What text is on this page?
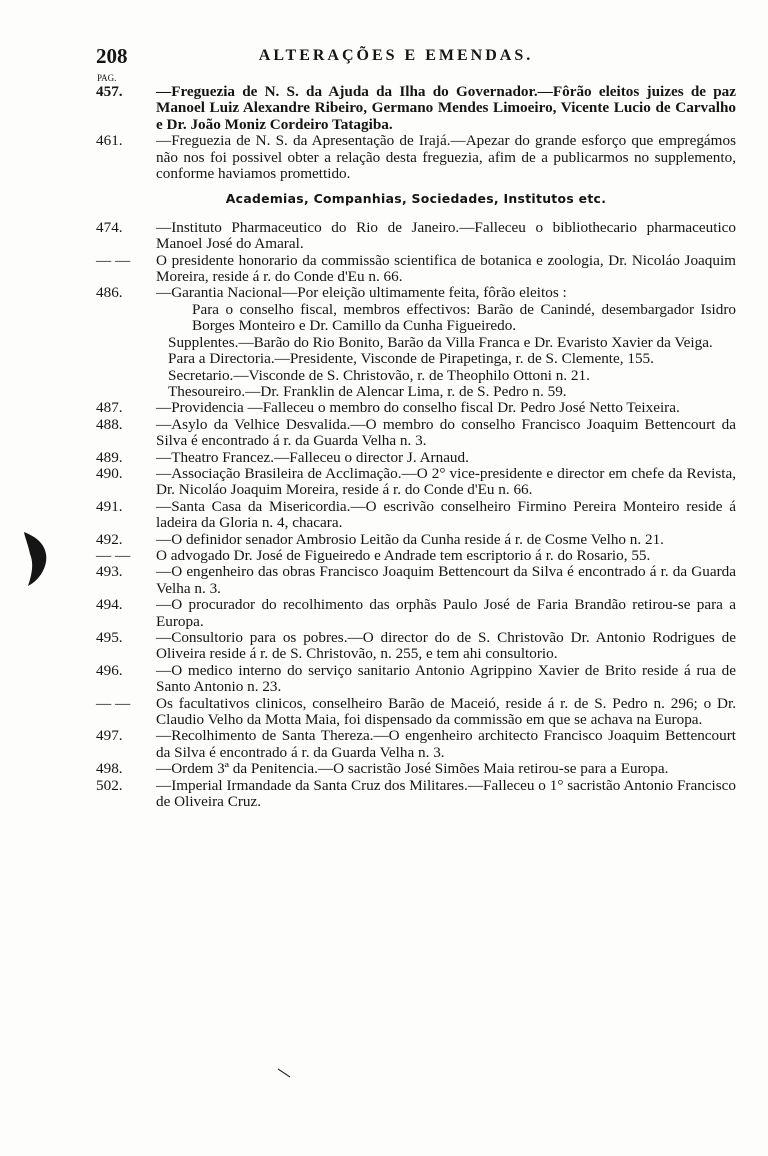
208	ALTERAÇÕES E EMENDAS.
PAG.

457.	—Freguezia de N. S. da Ajuda da Ilha do Governador.—Fôrão eleitos juizes de paz Manoel Luiz Alexandre Ribeiro, Germano Mendes Limoeiro, Vicente Lucio de Carvalho e Dr. João Moniz Cordeiro Tatagiba.

461.	—Freguezia de N. S. da Apresentação de Irajá.—Apezar do grande esforço que empregámos não nos foi possivel obter a relação desta freguezia, afim de a publicarmos no supplemento, conforme haviamos promettido.

Academias, Companhias, Sociedades, Institutos etc.

474.	—Instituto Pharmaceutico do Rio de Janeiro.—Falleceu o bibliothecario pharmaceutico Manoel José do Amaral.

— —	O presidente honorario da commissão scientifica de botanica e zoologia, Dr. Nicoláo Joaquim Moreira, reside á r. do Conde d'Eu n. 66.

486.	—Garantia Nacional—Por eleição ultimamente feita, fôrão eleitos :

Para o conselho fiscal, membros effectivos: Barão de Canindé, desembargador Isidro Borges Monteiro e Dr. Camillo da Cunha Figueiredo.

Supplentes.—Barão do Rio Bonito, Barão da Villa Franca e Dr. Evaristo Xavier da Veiga.

Para a Directoria.—Presidente, Visconde de Pirapetinga, r. de S. Clemente, 155.

Secretario.—Visconde de S. Christovão, r. de Theophilo Ottoni n. 21.

Thesoureiro.—Dr. Franklin de Alencar Lima, r. de S. Pedro n. 59.

487.	—Providencia —Falleceu o membro do conselho fiscal Dr. Pedro José Netto Teixeira.

488.	—Asylo da Velhice Desvalida.—O membro do conselho Francisco Joaquim Bettencourt da Silva é encontrado á r. da Guarda Velha n. 3.

489.	—Theatro Francez.—Falleceu o director J. Arnaud.

490.	—Associação Brasileira de Acclimação.—O 2° vice-presidente e director em chefe da Revista, Dr. Nicoláo Joaquim Moreira, reside á r. do Conde d'Eu n. 66.

491.	—Santa Casa da Misericordia.—O escrivão conselheiro Firmino Pereira Monteiro reside á ladeira da Gloria n. 4, chacara.

492.	—O definidor senador Ambrosio Leitão da Cunha reside á r. de Cosme Velho n. 21.

— —	O advogado Dr. José de Figueiredo e Andrade tem escriptorio á r. do Rosario, 55.

493.	—O engenheiro das obras Francisco Joaquim Bettencourt da Silva é encontrado á r. da Guarda Velha n. 3.

494.	—O procurador do recolhimento das orphãs Paulo José de Faria Brandão retirou-se para a Europa.

495.	—Consultorio para os pobres.—O director do de S. Christovão Dr. Antonio Rodrigues de Oliveira reside á r. de S. Christovão, n. 255, e tem ahi consultorio.

496.	—O medico interno do serviço sanitario Antonio Agrippino Xavier de Brito reside á rua de Santo Antonio n. 23.

— —	Os facultativos clinicos, conselheiro Barão de Maceió, reside á r. de S. Pedro n. 296; o Dr. Claudio Velho da Motta Maia, foi dispensado da commissão em que se achava na Europa.

497.	—Recolhimento de Santa Thereza.—O engenheiro architecto Francisco Joaquim Bettencourt da Silva é encontrado á r. da Guarda Velha n. 3.

498.	—Ordem 3ª da Penitencia.—O sacristão José Simões Maia retirou-se para a Europa.

502.	—Imperial Irmandade da Santa Cruz dos Militares.—Falleceu o 1° sacristão Antonio Francisco de Oliveira Cruz.
